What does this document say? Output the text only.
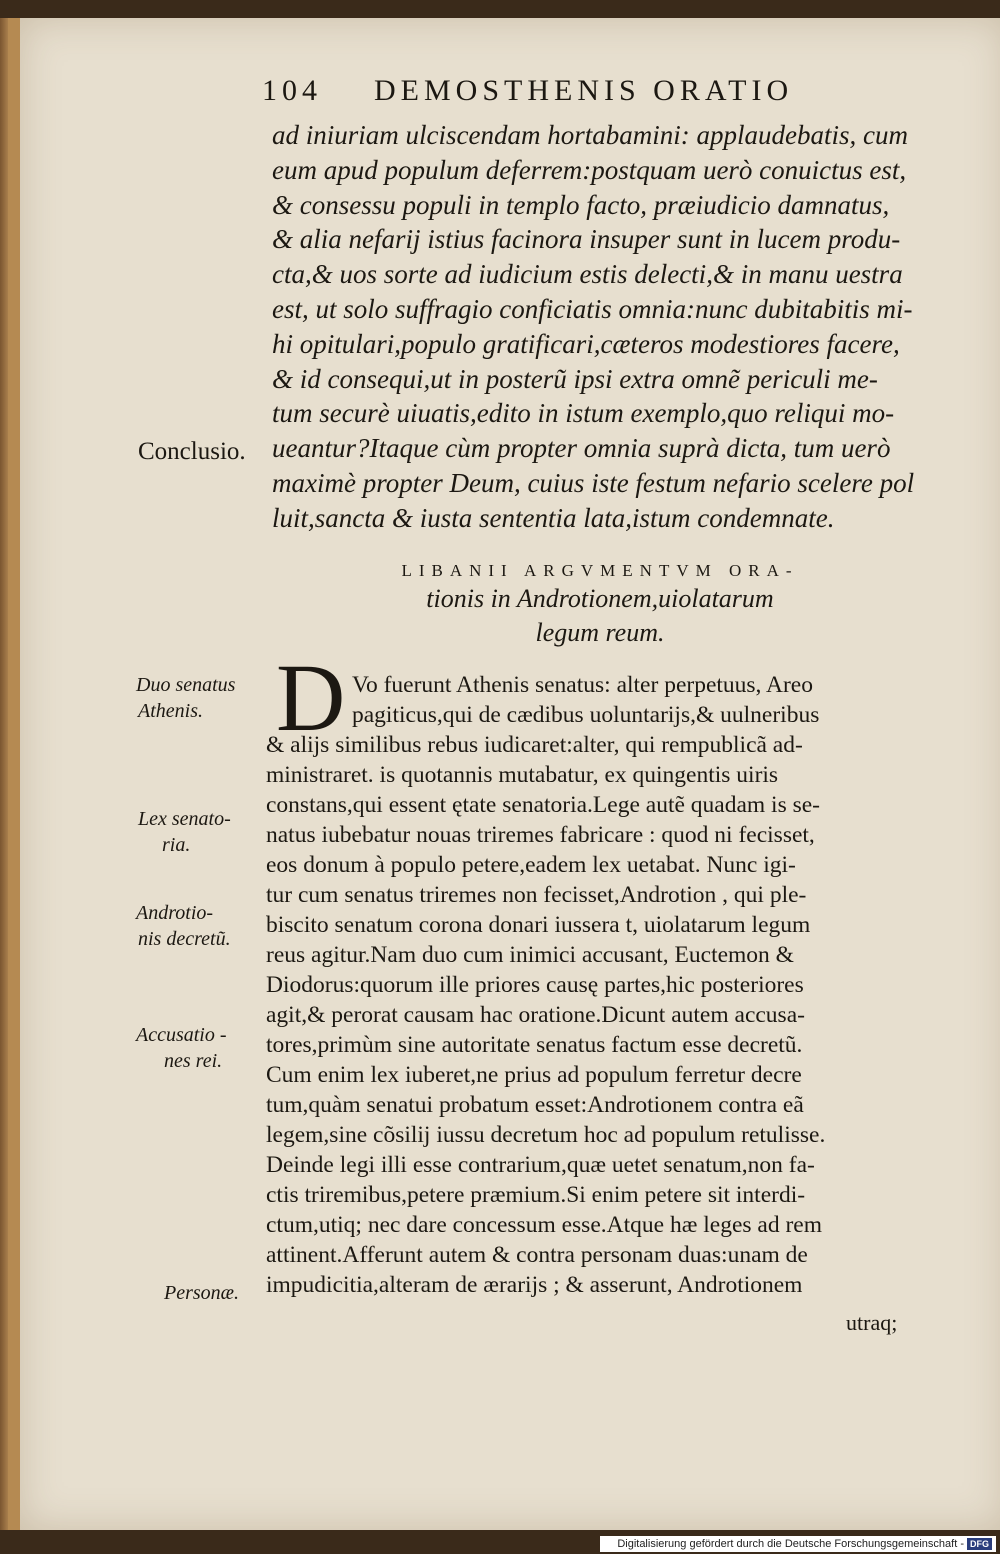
104 DEMOSTHENIS ORATIO

ad iniuriam ulciscendam hortabamini: applaudebatis, cum

eum apud populum deferrem:postquam uerò conuictus est,

& consessu populi in templo facto, præiudicio damnatus,

& alia nefarij istius facinora insuper sunt in lucem produ-

cta,& uos sorte ad iudicium estis delecti,& in manu uestra

est, ut solo suffragio conficiatis omnia:nunc dubitabitis mi-

hi opitulari,populo gratificari,cæteros modestiores facere,

& id consequi,ut in posterũ ipsi extra omnẽ periculi me-

tum securè uiuatis,edito in istum exemplo,quo reliqui mo-

ueantur?Itaque cùm propter omnia suprà dicta, tum uerò

maximè propter Deum, cuius iste festum nefario scelere pol

luit,sancta & iusta sententia lata,istum condemnate.

Conclusio.
LIBANII ARGVMENTVM ORA-
tionis in Androtionem,uiolatarum
legum reum.
D Vo fuerunt Athenis senatus: alter perpetuus, Areo
pagiticus,qui de cædibus uoluntarijs,& uulneribus
& alijs similibus rebus iudicaret:alter, qui rempublicã ad-
ministraret. is quotannis mutabatur, ex quingentis uiris
constans,qui essent ętate senatoria.Lege autẽ quadam is se-
natus iubebatur nouas triremes fabricare : quod ni fecisset,
eos donum à populo petere,eadem lex uetabat. Nunc igi-
tur cum senatus triremes non fecisset,Androtion , qui ple-
biscito senatum corona donari iussera t, uiolatarum legum
reus agitur.Nam duo cum inimici accusant, Euctemon &
Diodorus:quorum ille priores causę partes,hic posteriores
agit,& perorat causam hac oratione.Dicunt autem accusa-
tores,primùm sine autoritate senatus factum esse decretũ.
Cum enim lex iuberet,ne prius ad populum ferretur decre
tum,quàm senatui probatum esset:Androtionem contra eã
legem,sine cõsilij iussu decretum hoc ad populum retulisse.
Deinde legi illi esse contrarium,quæ uetet senatum,non fa-
ctis triremibus,petere præmium.Si enim petere sit interdi-
ctum,utiq; nec dare concessum esse.Atque hæ leges ad rem
attinent.Afferunt autem & contra personam duas:unam de
impudicitia,alteram de ærarijs ; & asserunt, Androtionem
Duo senatus
Athenis.
Lex senato-
ria.
Androtio-
nis decretũ.
Accusatio -
nes rei.
Personæ.
utraq;
Digitalisierung gefördert durch die Deutsche Forschungsgemeinschaft - DFG
